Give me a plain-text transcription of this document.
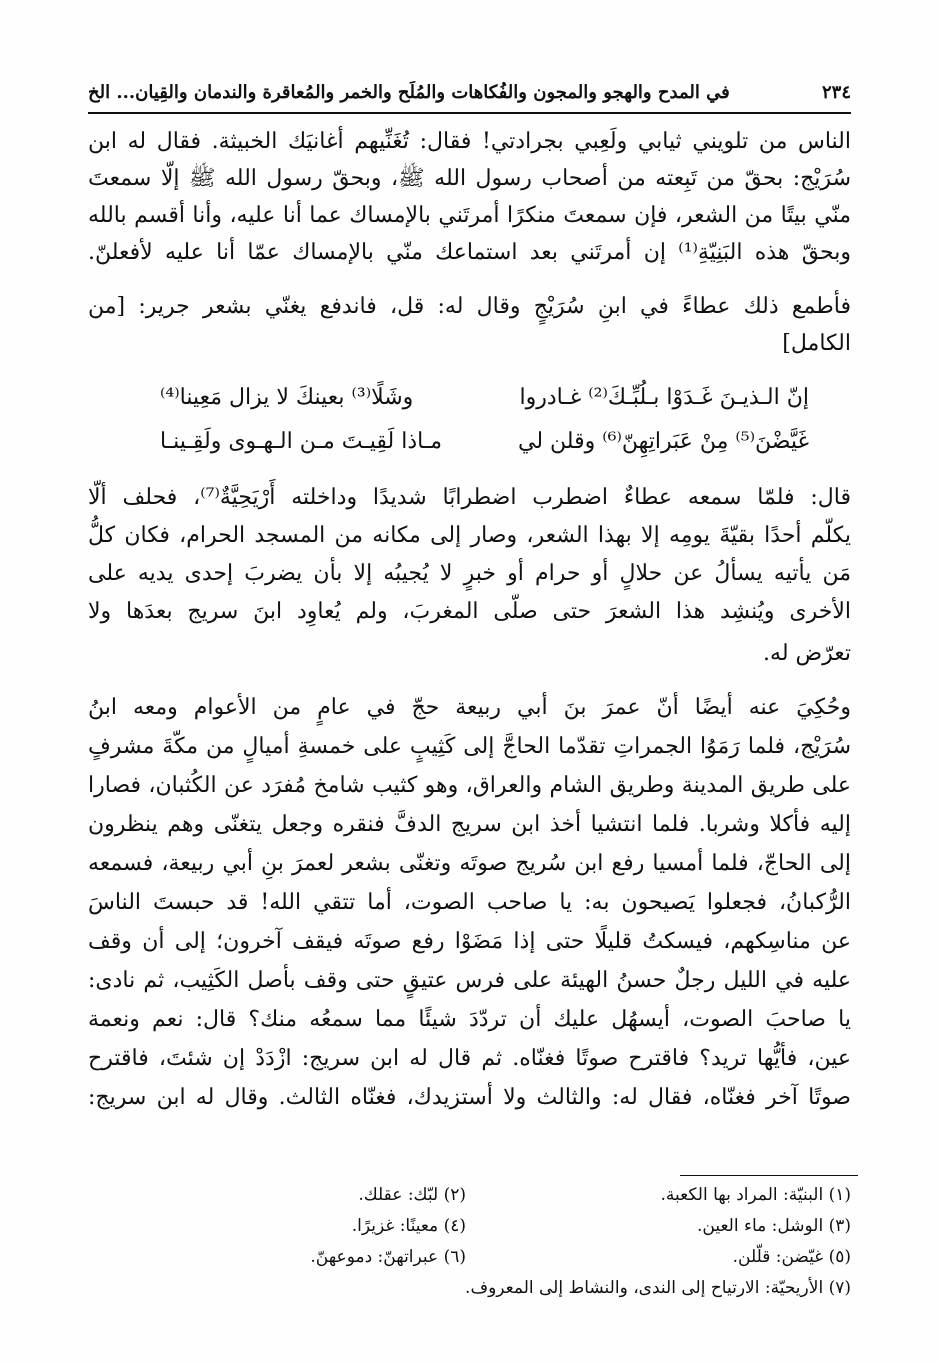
٢٣٤
في المدح والهجو والمجون والفُكاهات والمُلَح والخمر والمُعاقرة والندمان والقِيان... الخ
الناس من تلويني ثيابي ولَعِبي بجرادتي! فقال: تُغَنِّيهم أغانيَك الخبيثة. فقال له ابن
سُرَيْج: بحقّ من تَبِعته من أصحاب رسول الله ﷺ، وبحقّ رسول الله ﷺ إلّا سمعتَ
منّي بيتًا من الشعر، فإن سمعتَ منكرًا أمرتَني بالإمساك عما أنا عليه، وأنا أقسم بالله
وبحقّ هذه البَنِيّةِ⁽¹⁾ إن أمرتَني بعد استماعك منّي بالإمساك عمّا أنا عليه لأفعلنّ.
فأطمع ذلك عطاءً في ابنِ سُرَيْجٍ وقال له: قل، فاندفع يغنّي بشعر جرير: [من
الكامل]
إنّ الـذيـنَ غَـدَوْا بـلُبِّـكَ⁽²⁾ غـادروا
وشَلًا⁽³⁾ بعينكَ لا يزال مَعِينا⁽⁴⁾
غَيَّضْنَ⁽⁵⁾ مِنْ عَبَراتِهِنّ⁽⁶⁾ وقلن لي
مـاذا لَقِيـتَ مـن الـهـوى ولَقِـينـا
قال: فلمّا سمعه عطاءٌ اضطرب اضطرابًا شديدًا وداخلته أَرْيَحِيَّةٌ⁽⁷⁾، فحلف ألّا
يكلّم أحدًا بقيّةَ يومِه إلا بهذا الشعر، وصار إلى مكانه من المسجد الحرام، فكان كلُّ
مَن يأتيه يسألُ عن حلالٍ أو حرام أو خبرٍ لا يُجيبُه إلا بأن يضربَ إحدى يديه على
الأخرى ويُنشِد هذا الشعرَ حتى صلّى المغربَ، ولم يُعاوِد ابنَ سريج بعدَها ولا
تعرّض له.
وحُكِيَ عنه أيضًا أنّ عمرَ بنَ أبي ربيعة حجّ في عامٍ من الأعوام ومعه ابنُ
سُرَيْج، فلما رَمَوُا الجمراتِ تقدّما الحاجَّ إلى كَثِيبٍ على خمسةِ أميالٍ من مكّةَ مشرفٍ
على طريق المدينة وطريق الشام والعراق، وهو كثيب شامخ مُفرَد عن الكُثبان، فصارا
إليه فأكلا وشربا. فلما انتشيا أخذ ابن سريج الدفَّ فنقره وجعل يتغنّى وهم ينظرون
إلى الحاجّ، فلما أمسيا رفع ابن سُريج صوتَه وتغنّى بشعر لعمرَ بنِ أبي ربيعة، فسمعه
الرُّكبانُ، فجعلوا يَصيحون به: يا صاحب الصوت، أما تتقي الله! قد حبستَ الناسَ
عن مناسِكهم، فيسكتُ قليلًا حتى إذا مَضَوْا رفع صوتَه فيقف آخرون؛ إلى أن وقف
عليه في الليل رجلٌ حسنُ الهيئة على فرس عتيقٍ حتى وقف بأصل الكَثِيب، ثم نادى:
يا صاحبَ الصوت، أيسهُل عليك أن تردّدَ شيئًا مما سمعُه منك؟ قال: نعم ونعمة
عين، فأيُّها تريد؟ فاقترح صوتًا فغنّاه. ثم قال له ابن سريج: ازْدَدْ إن شئتَ، فاقترح
صوتًا آخر فغنّاه، فقال له: والثالث ولا أستزيدك، فغنّاه الثالث. وقال له ابن سريج:
(١) البنيّة: المراد بها الكعبة.
(٢) لبّك: عقلك.
(٣) الوشل: ماء العين.
(٤) معينًا: غزيرًا.
(٥) غيّضن: قلّلن.
(٦) عبراتهنّ: دموعهنّ.
(٧) الأريحيّة: الارتياح إلى الندى، والنشاط إلى المعروف.
